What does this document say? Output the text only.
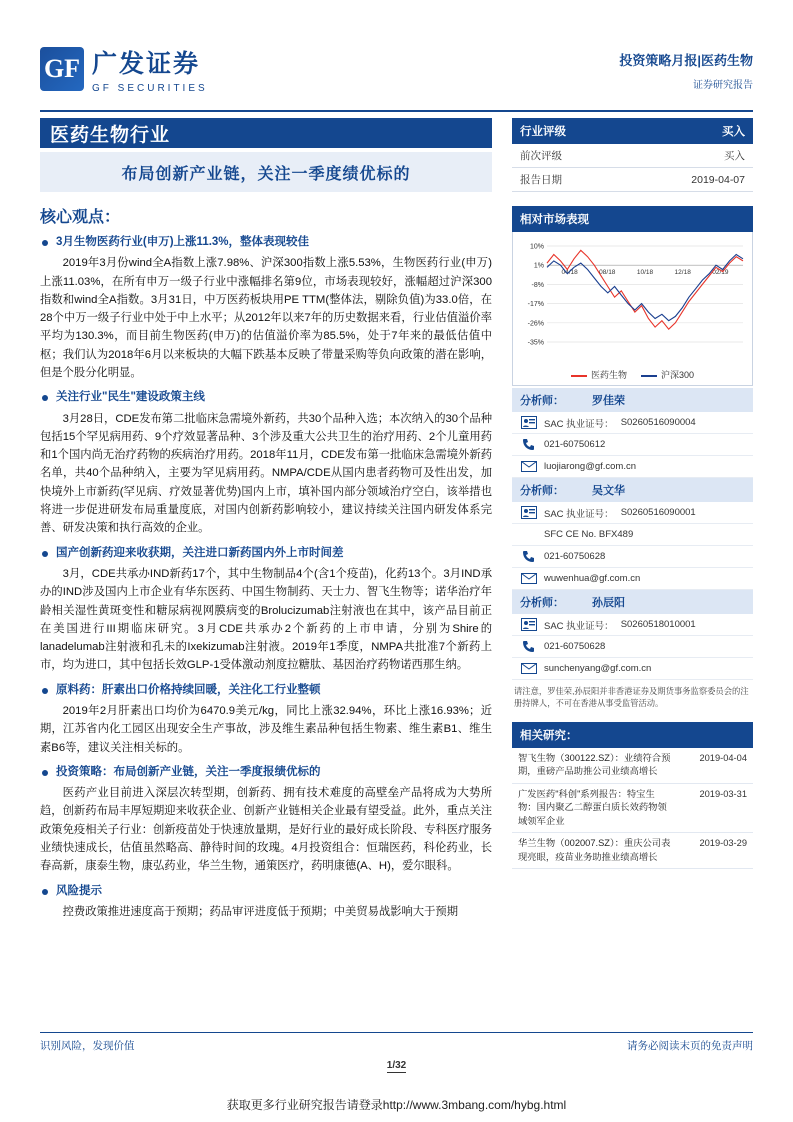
GF 广发证券
GF SECURITIES
投资策略月报|医药生物
证券研究报告
医药生物行业
布局创新产业链，关注一季度绩优标的
核心观点：
3月生物医药行业(申万)上涨11.3%，整体表现较佳
2019年3月份wind全A指数上涨7.98%、沪深300指数上涨5.53%，生物医药行业(申万)上涨11.03%，在所有申万一级子行业中涨幅排名第9位，市场表现较好，涨幅超过沪深300指数和wind全A指数。3月31日，中万医药板块用PE TTM(整体法，剔除负值)为33.0倍，在28个中万一级子行业中处于中上水平；从2012年以来7年的历史数据来看，行业估值溢价率平均为130.3%，而目前生物医药(申万)的估值溢价率为85.5%，处于7年来的最低估值中枢；我们认为2018年6月以来板块的大幅下跌基本反映了带量采购等负向政策的潜在影响，但是个股分化明显。
关注行业"民生"建设政策主线
3月28日，CDE发布第二批临床急需境外新药，共30个品种入选；本次纳入的30个品种包括15个罕见病用药、9个疗效显著品种、3个涉及重大公共卫生的治疗用药、2个儿童用药和1个国内尚无治疗药物的疾病治疗用药。2018年11月，CDE发布第一批临床急需境外新药名单，共40个品种纳入，主要为罕见病用药。NMPA/CDE从国内患者药物可及性出发，加快境外上市新药(罕见病、疗效显著优势)国内上市，填补国内部分领域治疗空白，该举措也将进一步促进研发布局重量度底，对国内创新药影响较小，建议持续关注国内研发体系完善、研发决策和执行高效的企业。
国产创新药迎来收获期，关注进口新药国内外上市时间差
3月，CDE共承办IND新药17个，其中生物制品4个(含1个疫苗)，化药13个。3月IND承办的IND涉及国内上市企业有华东医药、中国生物制药、天士力、智飞生物等；诺华治疗年龄相关湿性黄斑变性和糖尿病视网膜病变的Brolucizumab注射液也在其中，该产品目前正在美国进行III期临床研究。3月CDE共承办2个新药的上市申请，分别为Shire的lanadelumab注射液和孔未的Ixekizumab注射液。2019年1季度，NMPA共批准7个新药上市，均为进口，其中包括长效GLP-1受体激动剂度拉糖肽、基因治疗药物诺西那生纳。
原料药：肝素出口价格持续回暖，关注化工行业整顿
2019年2月肝素出口均价为6470.9美元/kg，同比上涨32.94%，环比上涨16.93%；近期，江苏省内化工园区出现安全生产事故，涉及维生素品种包括生物素、维生素B1、维生素B6等，建议关注相关标的。
投资策略：布局创新产业链，关注一季度报绩优标的
医药产业目前进入深层次转型期，创新药、拥有技术难度的高壁垒产品将成为大势所趋，创新药布局丰厚短期迎来收获企业、创新产业链相关企业最有望受益。此外，重点关注政策免疫相关子行业：创新疫苗处于快速放量期，是好行业的最好成长阶段、专科医疗服务业绩快速成长，估值虽然略高、静待时间的玫瑰。4月投资组合：恒瑞医药，科伦药业，长春高新，康泰生物，康弘药业，华兰生物，通策医疗，药明康德(A、H)，爱尔眼科。
风险提示
控费政策推进速度高于预期；药品审评进度低于预期；中美贸易战影响大于预期
行业评级	买入
前次评级	买入
报告日期	2019-04-07
相对市场表现
10%
1%
-8%
-17%
-26%
-35%
04/18	08/18	10/18	12/18	02/19
医药生物	沪深300
分析师：	罗佳荣
SAC 执业证号： S0260516090004
021-60750612
luojiarong@gf.com.cn
分析师：	吴文华
SAC 执业证号： S0260516090001
SFC CE No. BFX489
021-60750628
wuwenhua@gf.com.cn
分析师：	孙辰阳
SAC 执业证号： S0260518010001
021-60750628
sunchenyang@gf.com.cn
请注意，罗佳荣,孙辰阳并非香港证券及期货事务监察委员会的注册持牌人，不可在香港从事受监管活动。
相关研究：
智飞生物（300122.SZ）：业绩符合预期，重磅产品助推公司业绩高增长	2019-04-04
广发医药"科创"系列报告：特宝生物：国内聚乙二醇蛋白质长效药物领域领军企业	2019-03-31
华兰生物（002007.SZ）：重庆公司表现亮眼，疫苗业务助推业绩高增长	2019-03-29
识别风险，发现价值	请务必阅读末页的免责声明
1/32
获取更多行业研究报告请登录http://www.3mbang.com/hybg.html
